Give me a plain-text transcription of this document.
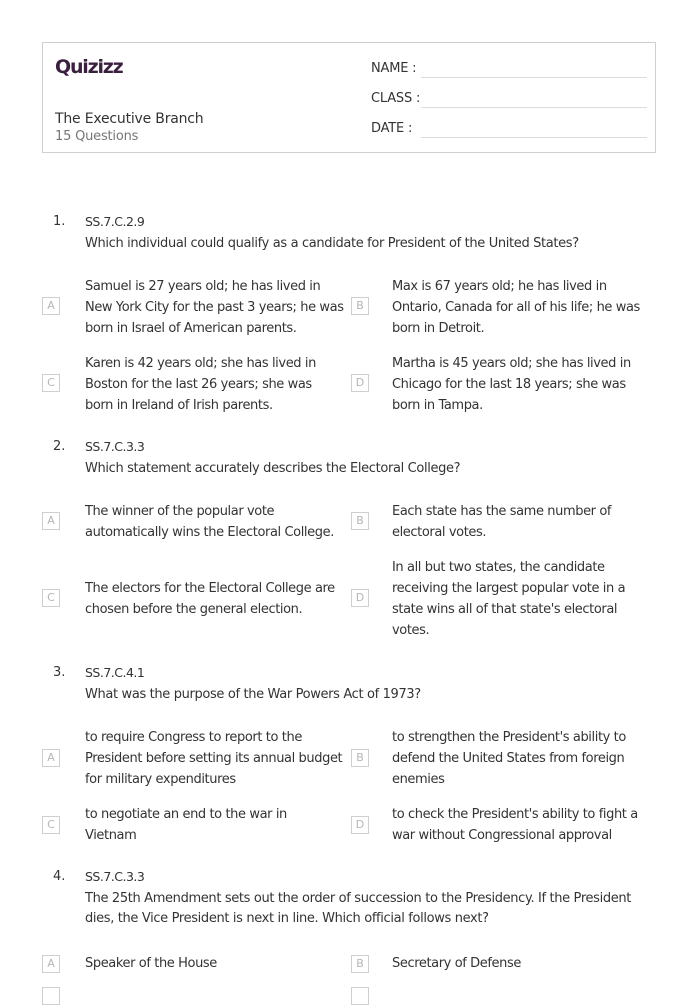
Quizizz
The Executive Branch
15 Questions
NAME :
CLASS :
DATE :
1. SS.7.C.2.9
Which individual could qualify as a candidate for President of the United States?
A
Samuel is 27 years old; he has lived in New York City for the past 3 years; he was born in Israel of American parents.
B
Max is 67 years old; he has lived in Ontario, Canada for all of his life; he was born in Detroit.
C
Karen is 42 years old; she has lived in Boston for the last 26 years; she was born in Ireland of Irish parents.
D
Martha is 45 years old; she has lived in Chicago for the last 18 years; she was born in Tampa.
2. SS.7.C.3.3
Which statement accurately describes the Electoral College?
A
The winner of the popular vote automatically wins the Electoral College.
B
Each state has the same number of electoral votes.
C
The electors for the Electoral College are chosen before the general election.
D
In all but two states, the candidate receiving the largest popular vote in a state wins all of that state's electoral votes.
3. SS.7.C.4.1
What was the purpose of the War Powers Act of 1973?
A
to require Congress to report to the President before setting its annual budget for military expenditures
B
to strengthen the President's ability to defend the United States from foreign enemies
C
to negotiate an end to the war in Vietnam
D
to check the President's ability to fight a war without Congressional approval
4. SS.7.C.3.3
The 25th Amendment sets out the order of succession to the Presidency. If the President dies, the Vice President is next in line. Which official follows next?
A	Speaker of the House	B	Secretary of Defense
